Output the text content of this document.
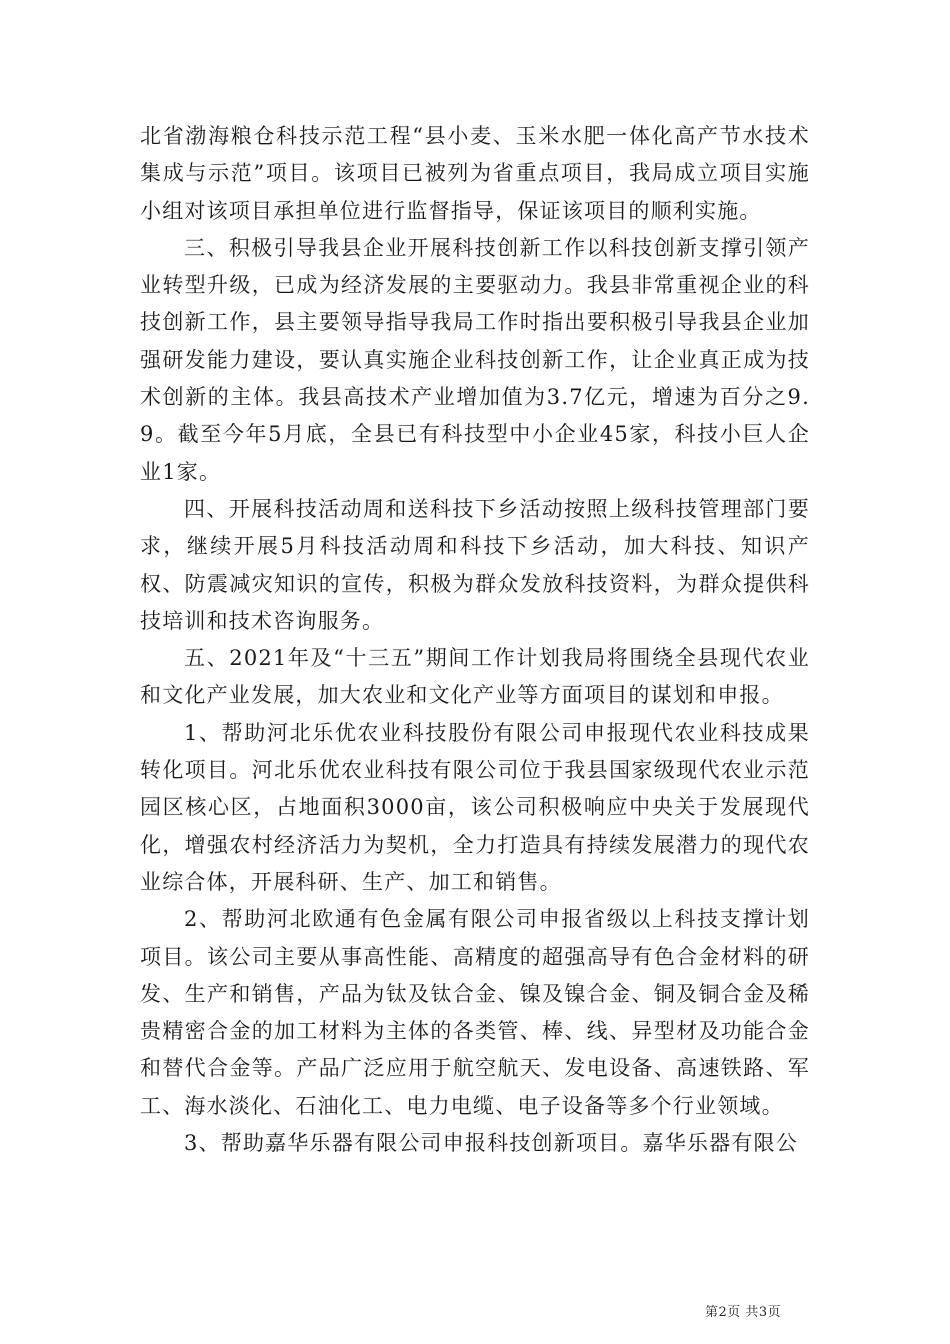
北省渤海粮仓科技示范工程“县小麦、玉米水肥一体化高产节水技术集成与示范”项目。该项目已被列为省重点项目，我局成立项目实施小组对该项目承担单位进行监督指导，保证该项目的顺利实施。

三、积极引导我县企业开展科技创新工作以科技创新支撑引领产业转型升级，已成为经济发展的主要驱动力。我县非常重视企业的科技创新工作，县主要领导指导我局工作时指出要积极引导我县企业加强研发能力建设，要认真实施企业科技创新工作，让企业真正成为技术创新的主体。我县高技术产业增加值为3.7亿元，增速为百分之9.9。截至今年5月底，全县已有科技型中小企业45家，科技小巨人企业1家。

四、开展科技活动周和送科技下乡活动按照上级科技管理部门要求，继续开展5月科技活动周和科技下乡活动，加大科技、知识产权、防震减灾知识的宣传，积极为群众发放科技资料，为群众提供科技培训和技术咨询服务。

五、2021年及“十三五”期间工作计划我局将围绕全县现代农业和文化产业发展，加大农业和文化产业等方面项目的谋划和申报。

1、帮助河北乐优农业科技股份有限公司申报现代农业科技成果转化项目。河北乐优农业科技有限公司位于我县国家级现代农业示范园区核心区，占地面积3000亩，该公司积极响应中央关于发展现代化，增强农村经济活力为契机，全力打造具有持续发展潜力的现代农业综合体，开展科研、生产、加工和销售。

2、帮助河北欧通有色金属有限公司申报省级以上科技支撑计划项目。该公司主要从事高性能、高精度的超强高导有色合金材料的研发、生产和销售，产品为钛及钛合金、镍及镍合金、铜及铜合金及稀贵精密合金的加工材料为主体的各类管、棒、线、异型材及功能合金和替代合金等。产品广泛应用于航空航天、发电设备、高速铁路、军工、海水淡化、石油化工、电力电缆、电子设备等多个行业领域。

3、帮助嘉华乐器有限公司申报科技创新项目。嘉华乐器有限公

第2页 共3页
